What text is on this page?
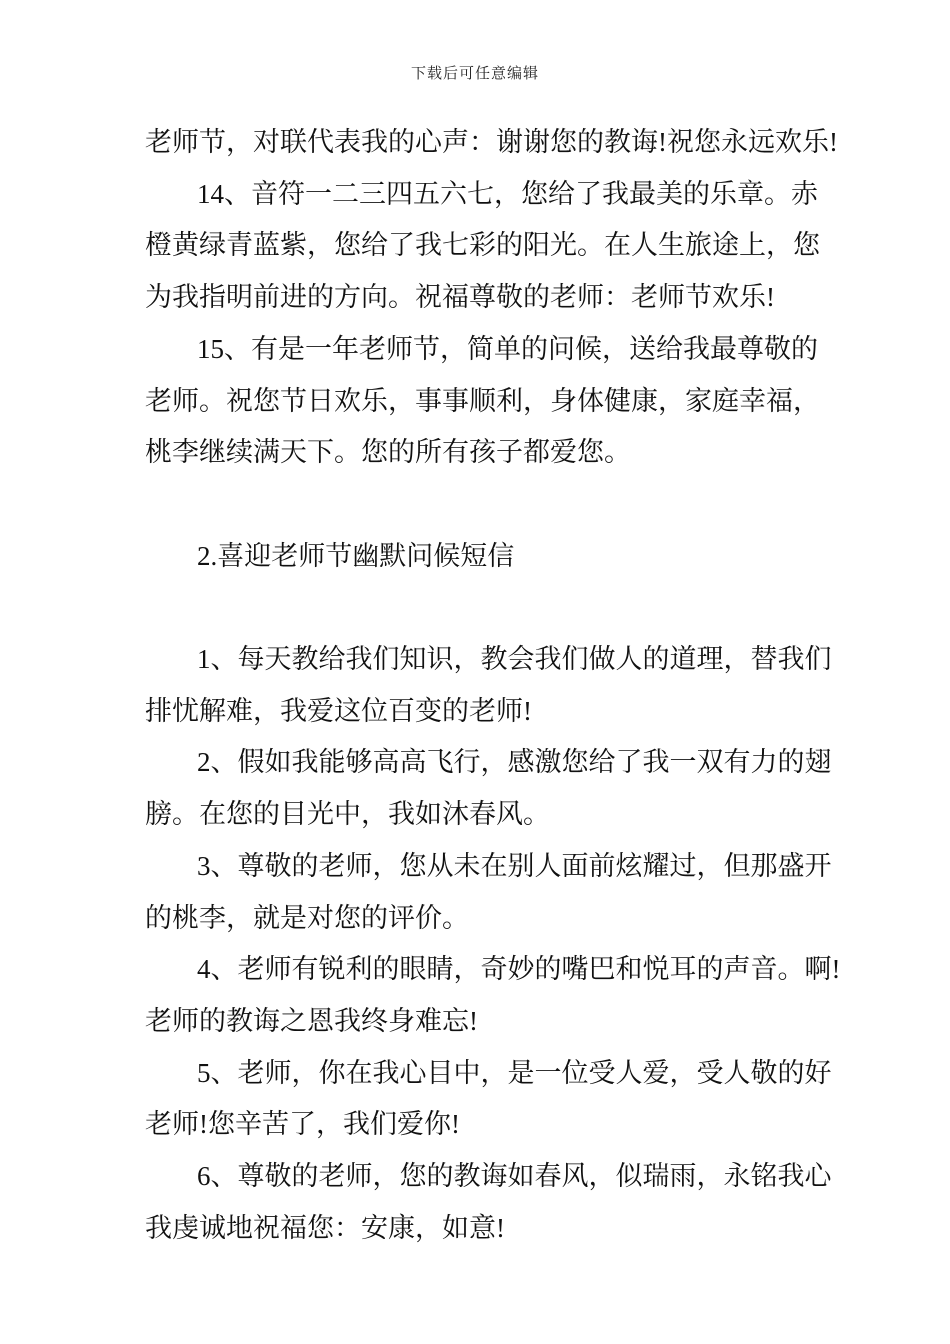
下载后可任意编辑
老师节，对联代表我的心声：谢谢您的教诲!祝您永远欢乐!
14、音符一二三四五六七，您给了我最美的乐章。赤
橙黄绿青蓝紫，您给了我七彩的阳光。在人生旅途上，您
为我指明前进的方向。祝福尊敬的老师：老师节欢乐!
15、有是一年老师节，简单的问候，送给我最尊敬的
老师。祝您节日欢乐，事事顺利，身体健康，家庭幸福，
桃李继续满天下。您的所有孩子都爱您。
2.喜迎老师节幽默问候短信
1、每天教给我们知识，教会我们做人的道理，替我们
排忧解难，我爱这位百变的老师!
2、假如我能够高高飞行，感激您给了我一双有力的翅
膀。在您的目光中，我如沐春风。
3、尊敬的老师，您从未在别人面前炫耀过，但那盛开
的桃李，就是对您的评价。
4、老师有锐利的眼睛，奇妙的嘴巴和悦耳的声音。啊!
老师的教诲之恩我终身难忘!
5、老师，你在我心目中，是一位受人爱，受人敬的好
老师!您辛苦了，我们爱你!
6、尊敬的老师，您的教诲如春风，似瑞雨，永铭我心
我虔诚地祝福您：安康，如意!
